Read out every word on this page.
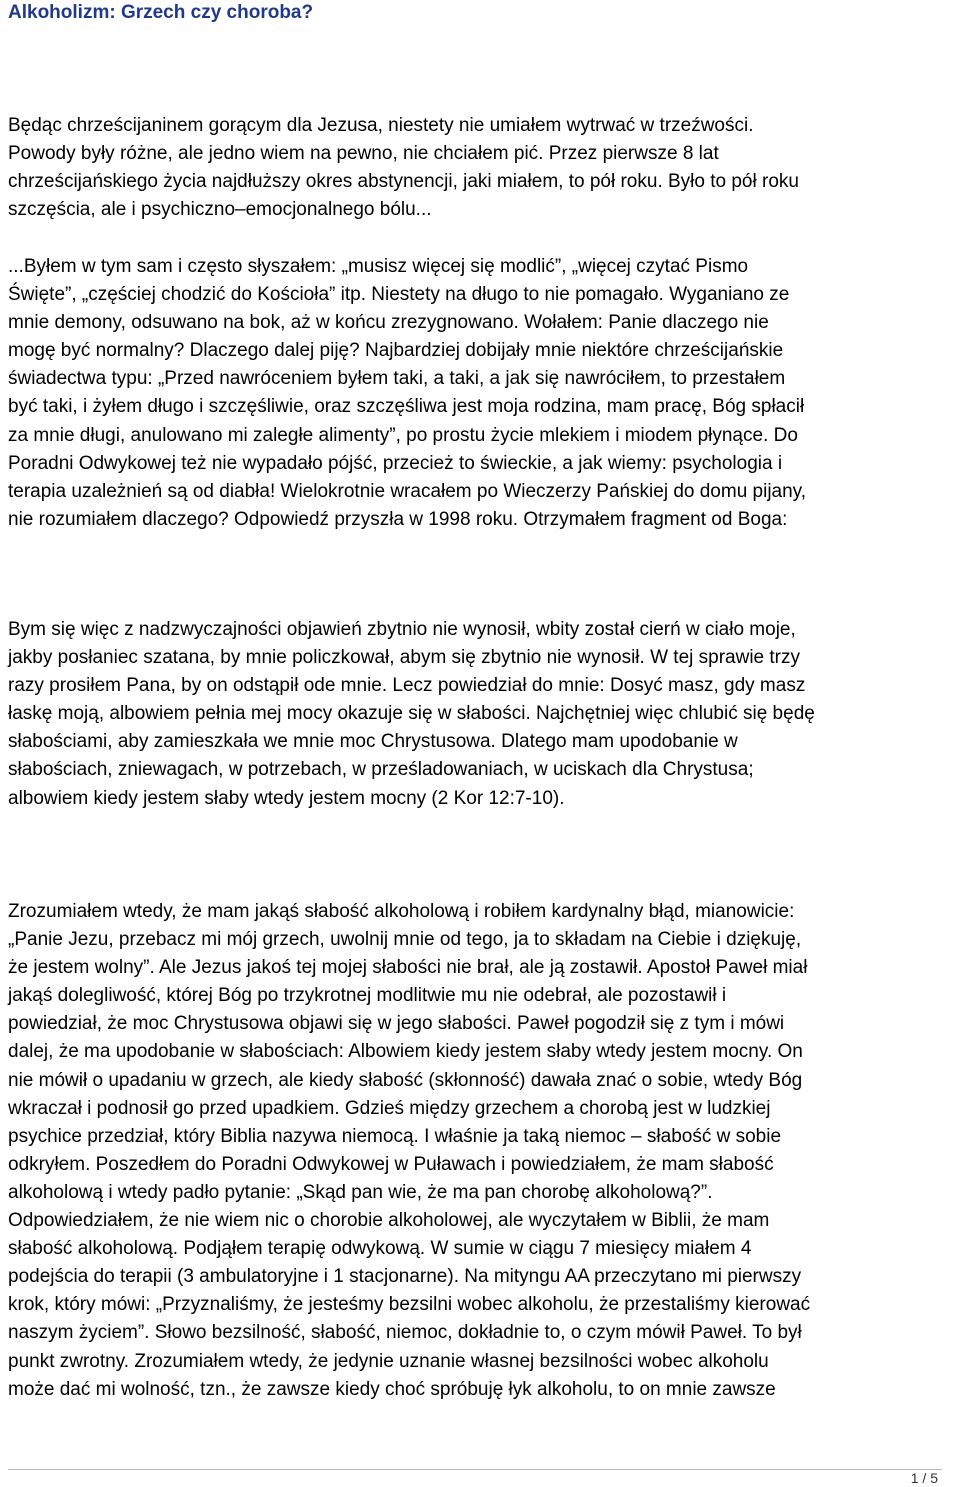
Alkoholizm: Grzech czy choroba?

Będąc chrześcijaninem gorącym dla Jezusa, niestety nie umiałem wytrwać w trzeźwości.
Powody były różne, ale jedno wiem na pewno, nie chciałem pić. Przez pierwsze 8 lat
chrześcijańskiego życia najdłuższy okres abstynencji, jaki miałem, to pół roku. Było to pół roku
szczęścia, ale i psychiczno–emocjonalnego bólu...

...Byłem w tym sam i często słyszałem: „musisz więcej się modlić”, „więcej czytać Pismo
Święte”, „częściej chodzić do Kościoła” itp. Niestety na długo to nie pomagało. Wyganiano ze
mnie demony, odsuwano na bok, aż w końcu zrezygnowano. Wołałem: Panie dlaczego nie
mogę być normalny? Dlaczego dalej piję? Najbardziej dobijały mnie niektóre chrześcijańskie
świadectwa typu: „Przed nawróceniem byłem taki, a taki, a jak się nawróciłem, to przestałem
być taki, i żyłem długo i szczęśliwie, oraz szczęśliwa jest moja rodzina, mam pracę, Bóg spłacił
za mnie długi, anulowano mi zaległe alimenty”, po prostu życie mlekiem i miodem płynące. Do
Poradni Odwykowej też nie wypadało pójść, przecież to świeckie, a jak wiemy: psychologia i
terapia uzależnień są od diabła! Wielokrotnie wracałem po Wieczerzy Pańskiej do domu pijany,
nie rozumiałem dlaczego? Odpowiedź przyszła w 1998 roku. Otrzymałem fragment od Boga:

Bym się więc z nadzwyczajności objawień zbytnio nie wynosił, wbity został cierń w ciało moje,
jakby posłaniec szatana, by mnie policzkował, abym się zbytnio nie wynosił. W tej sprawie trzy
razy prosiłem Pana, by on odstąpił ode mnie. Lecz powiedział do mnie: Dosyć masz, gdy masz
łaskę moją, albowiem pełnia mej mocy okazuje się w słabości. Najchętniej więc chlubić się będę
słabościami, aby zamieszkała we mnie moc Chrystusowa. Dlatego mam upodobanie w
słabościach, zniewagach, w potrzebach, w prześladowaniach, w uciskach dla Chrystusa;
albowiem kiedy jestem słaby wtedy jestem mocny (2 Kor 12:7-10).

Zrozumiałem wtedy, że mam jakąś słabość alkoholową i robiłem kardynalny błąd, mianowicie:
„Panie Jezu, przebacz mi mój grzech, uwolnij mnie od tego, ja to składam na Ciebie i dziękuję,
że jestem wolny”. Ale Jezus jakoś tej mojej słabości nie brał, ale ją zostawił. Apostoł Paweł miał
jakąś dolegliwość, której Bóg po trzykrotnej modlitwie mu nie odebrał, ale pozostawił i
powiedział, że moc Chrystusowa objawi się w jego słabości. Paweł pogodził się z tym i mówi
dalej, że ma upodobanie w słabościach: Albowiem kiedy jestem słaby wtedy jestem mocny. On
nie mówił o upadaniu w grzech, ale kiedy słabość (skłonność) dawała znać o sobie, wtedy Bóg
wkraczał i podnosił go przed upadkiem. Gdzieś między grzechem a chorobą jest w ludzkiej
psychice przedział, który Biblia nazywa niemocą. I właśnie ja taką niemoc – słabość w sobie
odkryłem. Poszedłem do Poradni Odwykowej w Puławach i powiedziałem, że mam słabość
alkoholową i wtedy padło pytanie: „Skąd pan wie, że ma pan chorobę alkoholową?”.
Odpowiedziałem, że nie wiem nic o chorobie alkoholowej, ale wyczytałem w Biblii, że mam
słabość alkoholową. Podjąłem terapię odwykową. W sumie w ciągu 7 miesięcy miałem 4
podejścia do terapii (3 ambulatoryjne i 1 stacjonarne). Na mityngu AA przeczytano mi pierwszy
krok, który mówi: „Przyznaliśmy, że jesteśmy bezsilni wobec alkoholu, że przestaliśmy kierować
naszym życiem”. Słowo bezsilność, słabość, niemoc, dokładnie to, o czym mówił Paweł. To był
punkt zwrotny. Zrozumiałem wtedy, że jedynie uznanie własnej bezsilności wobec alkoholu
może dać mi wolność, tzn., że zawsze kiedy choć spróbuję łyk alkoholu, to on mnie zawsze

1 / 5
